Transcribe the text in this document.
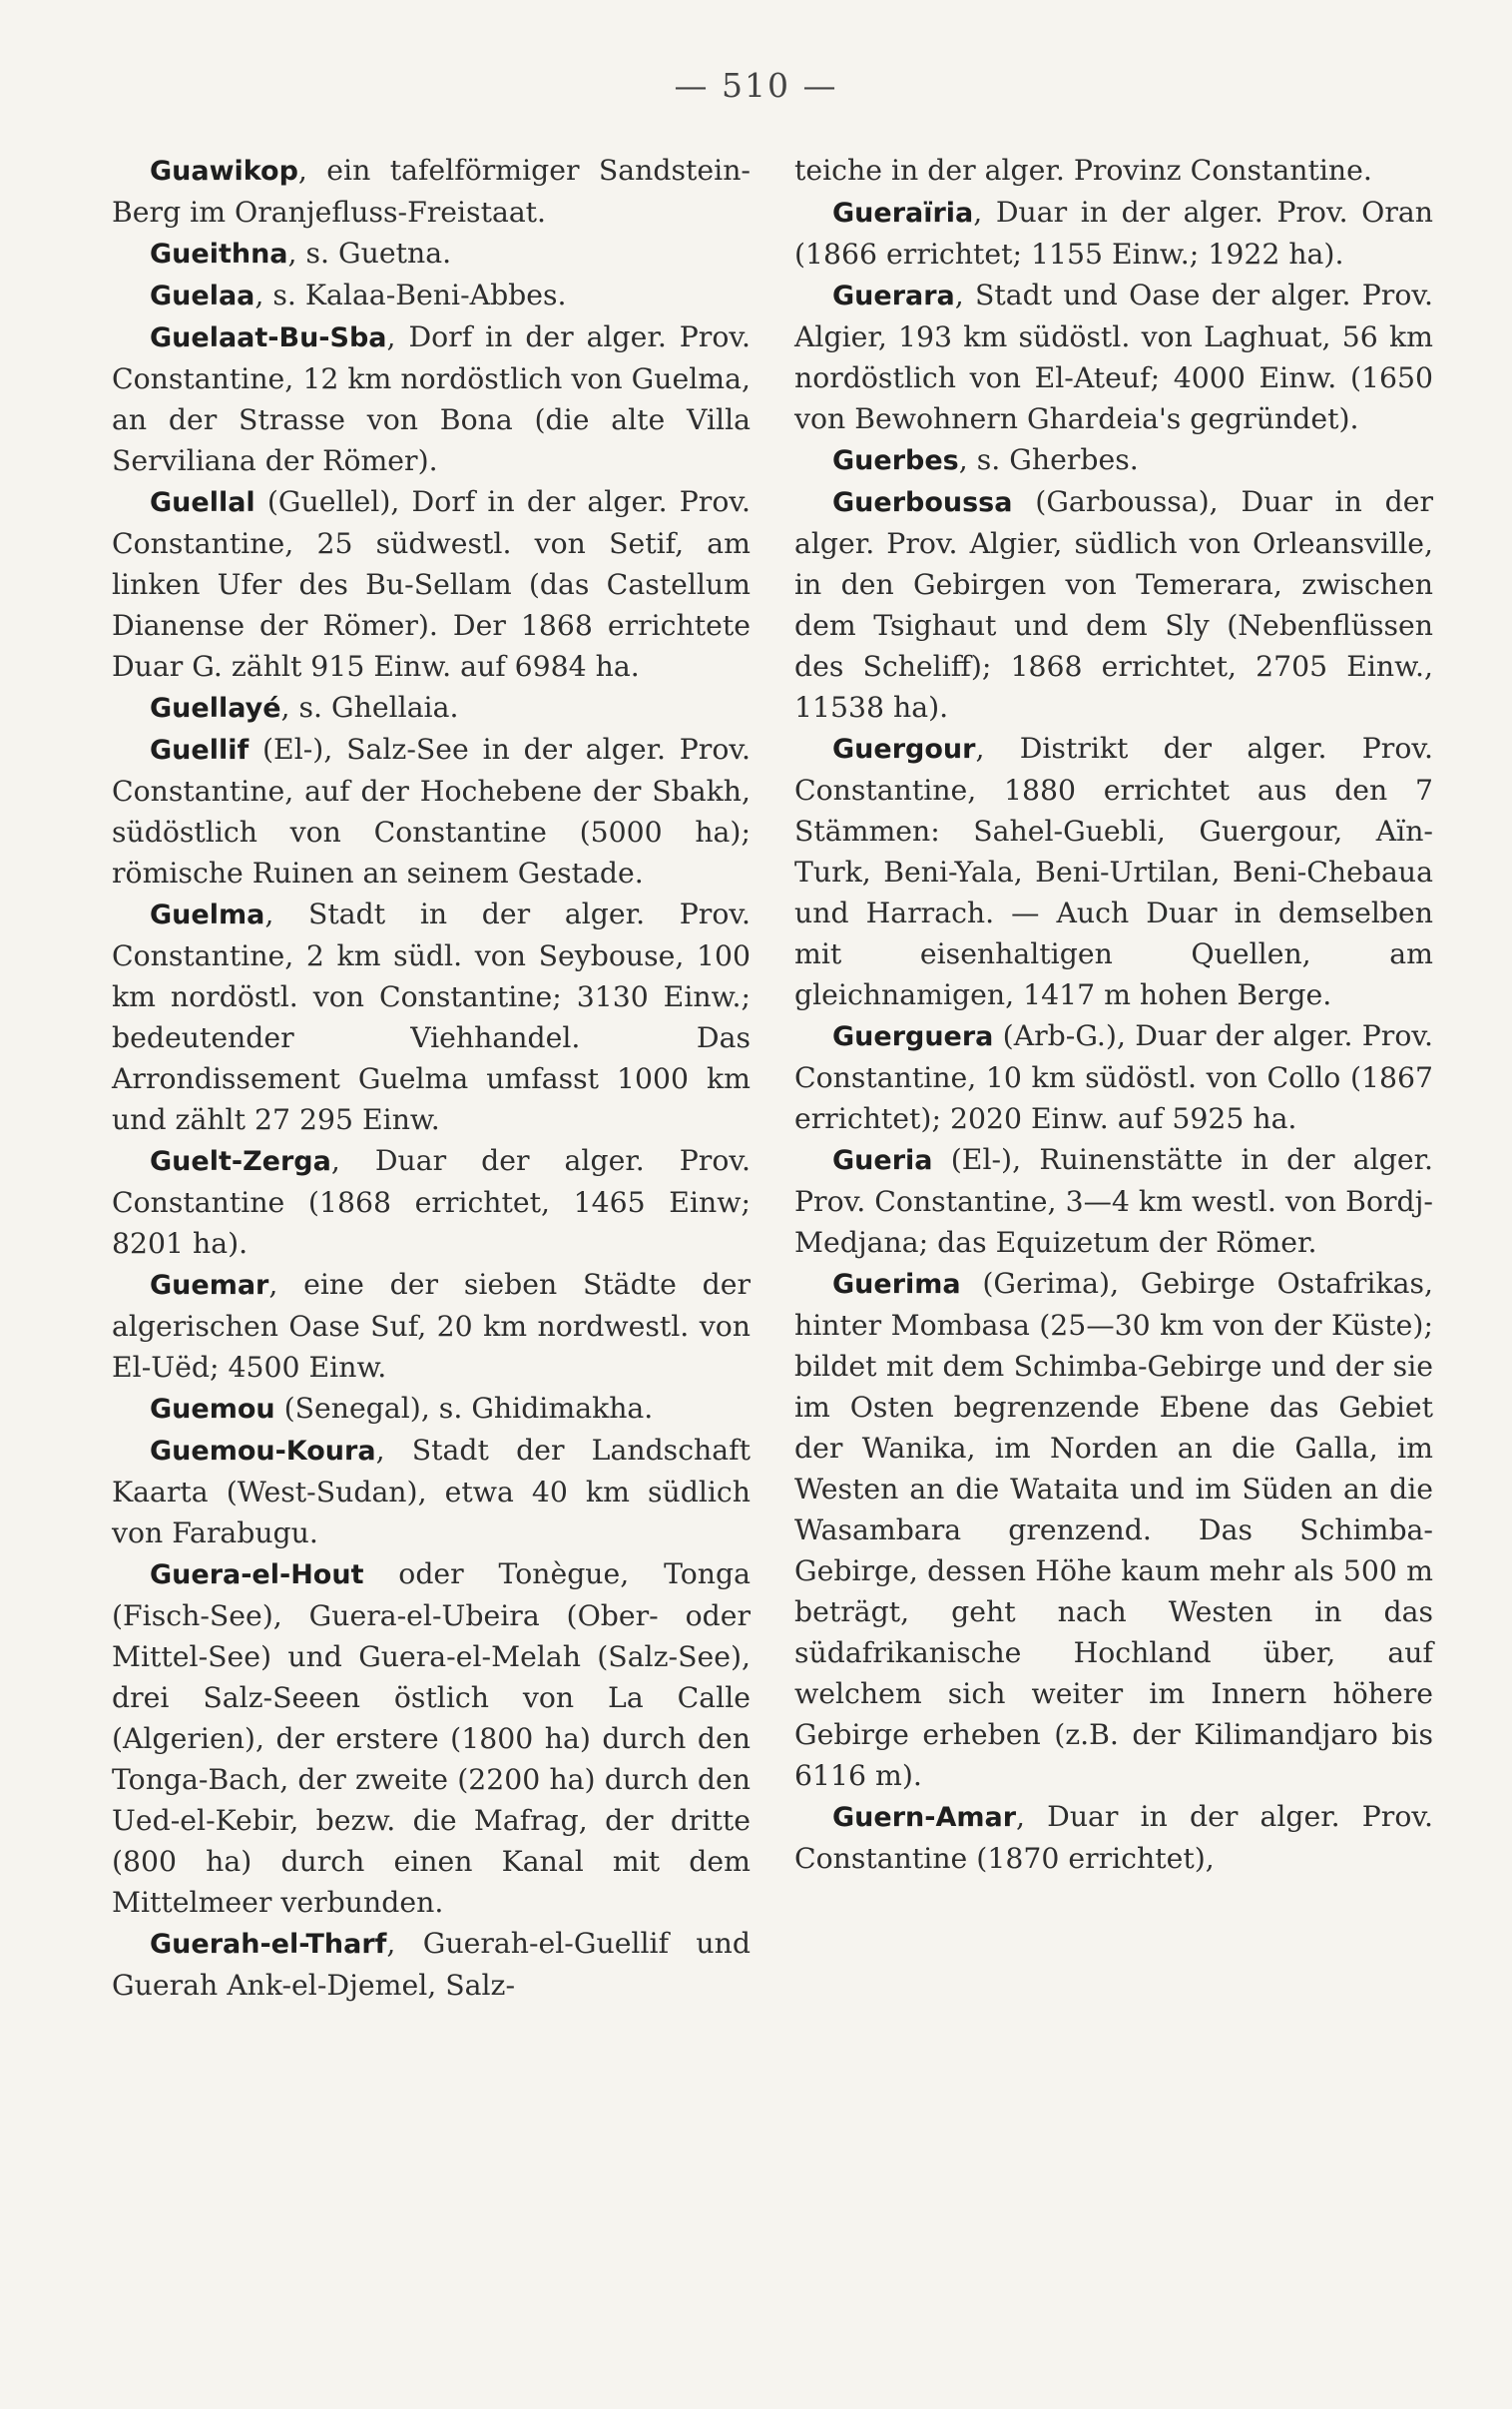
— 510 —

Guawikop, ein tafelförmiger Sandstein-Berg im Oranjefluss-Freistaat.

Gueithna, s. Guetna.

Guelaa, s. Kalaa-Beni-Abbes.

Guelaat-Bu-Sba, Dorf in der alger. Prov. Constantine, 12 km nordöstlich von Guelma, an der Strasse von Bona (die alte Villa Serviliana der Römer).

Guellal (Guellel), Dorf in der alger. Prov. Constantine, 25 südwestl. von Setif, am linken Ufer des Bu-Sellam (das Castellum Dianense der Römer). Der 1868 errichtete Duar G. zählt 915 Einw. auf 6984 ha.

Guellayé, s. Ghellaia.

Guellif (El-), Salz-See in der alger. Prov. Constantine, auf der Hochebene der Sbakh, südöstlich von Constantine (5000 ha); römische Ruinen an seinem Gestade.

Guelma, Stadt in der alger. Prov. Constantine, 2 km südl. von Seybouse, 100 km nordöstl. von Constantine; 3130 Einw.; bedeutender Viehhandel. Das Arrondissement Guelma umfasst 1000 km und zählt 27 295 Einw.

Guelt-Zerga, Duar der alger. Prov. Constantine (1868 errichtet, 1465 Einw; 8201 ha).

Guemar, eine der sieben Städte der algerischen Oase Suf, 20 km nordwestl. von El-Uëd; 4500 Einw.

Guemou (Senegal), s. Ghidimakha.

Guemou-Koura, Stadt der Landschaft Kaarta (West-Sudan), etwa 40 km südlich von Farabugu.

Guera-el-Hout oder Tonègue, Tonga (Fisch-See), Guera-el-Ubeira (Ober- oder Mittel-See) und Guera-el-Melah (Salz-See), drei Salz-Seeen östlich von La Calle (Algerien), der erstere (1800 ha) durch den Tonga-Bach, der zweite (2200 ha) durch den Ued-el-Kebir, bezw. die Mafrag, der dritte (800 ha) durch einen Kanal mit dem Mittelmeer verbunden.

Guerah-el-Tharf, Guerah-el-Guellif und Guerah Ank-el-Djemel, Salz-

teiche in der alger. Provinz Constantine.

Gueraïria, Duar in der alger. Prov. Oran (1866 errichtet; 1155 Einw.; 1922 ha).

Guerara, Stadt und Oase der alger. Prov. Algier, 193 km südöstl. von Laghuat, 56 km nordöstlich von El-Ateuf; 4000 Einw. (1650 von Bewohnern Ghardeia's gegründet).

Guerbes, s. Gherbes.

Guerboussa (Garboussa), Duar in der alger. Prov. Algier, südlich von Orleansville, in den Gebirgen von Temerara, zwischen dem Tsighaut und dem Sly (Nebenflüssen des Scheliff); 1868 errichtet, 2705 Einw., 11538 ha).

Guergour, Distrikt der alger. Prov. Constantine, 1880 errichtet aus den 7 Stämmen: Sahel-Guebli, Guergour, Aïn-Turk, Beni-Yala, Beni-Urtilan, Beni-Chebaua und Harrach. — Auch Duar in demselben mit eisenhaltigen Quellen, am gleichnamigen, 1417 m hohen Berge.

Guerguera (Arb-G.), Duar der alger. Prov. Constantine, 10 km südöstl. von Collo (1867 errichtet); 2020 Einw. auf 5925 ha.

Gueria (El-), Ruinenstätte in der alger. Prov. Constantine, 3—4 km westl. von Bordj-Medjana; das Equizetum der Römer.

Guerima (Gerima), Gebirge Ostafrikas, hinter Mombasa (25—30 km von der Küste); bildet mit dem Schimba-Gebirge und der sie im Osten begrenzende Ebene das Gebiet der Wanika, im Norden an die Galla, im Westen an die Wataita und im Süden an die Wasambara grenzend. Das Schimba-Gebirge, dessen Höhe kaum mehr als 500 m beträgt, geht nach Westen in das südafrikanische Hochland über, auf welchem sich weiter im Innern höhere Gebirge erheben (z.B. der Kilimandjaro bis 6116 m).

Guern-Amar, Duar in der alger. Prov. Constantine (1870 errichtet),
